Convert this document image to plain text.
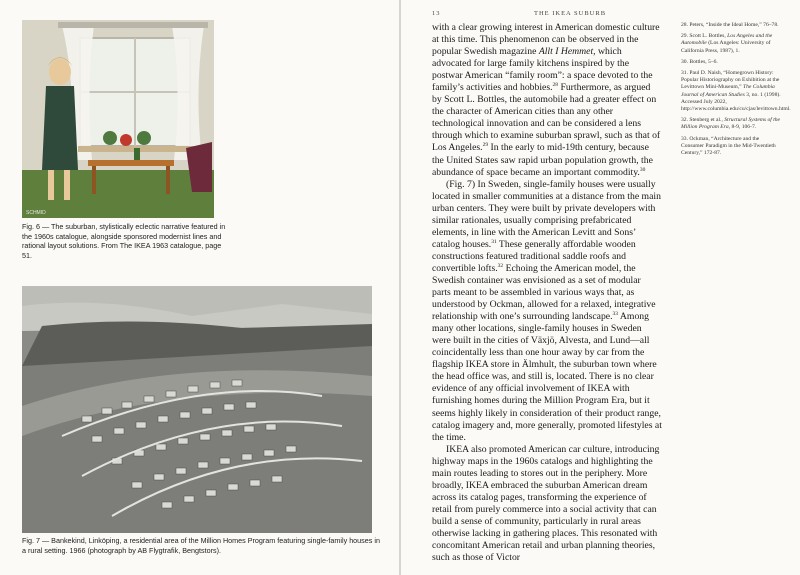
SCHMID
Fig. 6 — The suburban, stylistically eclectic narrative featured in the 1960s catalogue, alongside sponsored modernist lines and rational layout solutions. From The IKEA 1963 catalogue, page 51.
Fig. 7 — Bankekind, Linköping, a residential area of the Million Homes Program featuring single-family houses in a rural setting. 1966 (photograph by AB Flygtrafik, Bengtstors).
13	THE IKEA SUBURB

with a clear growing interest in American domestic culture at this time. This phenomenon can be observed in the popular Swedish magazine Allt I Hemmet, which advocated for large family kitchens inspired by the postwar American “family room”: a space devoted to the family’s activities and hobbies.$^{28}$ Furthermore, as argued by Scott L. Bottles, the automobile had a greater effect on the character of American cities than any other technological innovation and can be considered a lens through which to examine suburban sprawl, such as that of Los Angeles.$^{29}$ In the early to mid-19th century, because the United States saw rapid urban population growth, the abundance of space became an important commodity.$^{30}$

(Fig. 7) In Sweden, single-family houses were usually located in smaller communities at a distance from the main urban centers. They were built by private developers with similar rationales, usually comprising prefabricated elements, in line with the American Levitt and Sons’ catalog houses.$^{31}$ These generally affordable wooden constructions featured traditional saddle roofs and convertible lofts.$^{32}$ Echoing the American model, the Swedish container was envisioned as a set of modular parts meant to be assembled in various ways that, as understood by Ockman, allowed for a relaxed, integrative relationship with one’s surrounding landscape.$^{33}$ Among many other locations, single-family houses in Sweden were built in the cities of Växjö, Alvesta, and Lund—all coincidentally less than one hour away by car from the flagship IKEA store in Älmhult, the suburban town where the head office was, and still is, located. There is no clear evidence of any official involvement of IKEA with furnishing homes during the Million Program Era, but it seems highly likely in consideration of their product range, catalog imagery and, more generally, promoted lifestyles at the time.

IKEA also promoted American car culture, introducing highway maps in the 1960s catalogs and highlighting the main routes leading to stores out in the periphery. More broadly, IKEA embraced the suburban American dream across its catalog pages, transforming the experience of retail from purely commerce into a social activity that can build a sense of community, particularly in rural areas otherwise lacking in gathering places. This resonated with concomitant American retail and urban planning theories, such as those of Victor

28. Peters, “Inside the Ideal Home,” 76–78.

29. Scott L. Bottles, Los Angeles and the Automobile (Los Angeles: University of California Press, 1987), 1.

30. Bottles, 5–6.

31. Paul D. Naish, “Homegrown History: Popular Historiography on Exhibition at the Levittown Mini-Museum,” The Columbia Journal of American Studies 3, no. 1 (1998). Accessed July 2022, http://www.columbia.edu/cu/cjas/levittown.html.

32. Stenberg et al., Structural Systems of the Million Program Era, 8-9, 106-7.

33. Ockman, “Architecture and the Consumer Paradigm in the Mid-Twentieth Century,” 172-87.
